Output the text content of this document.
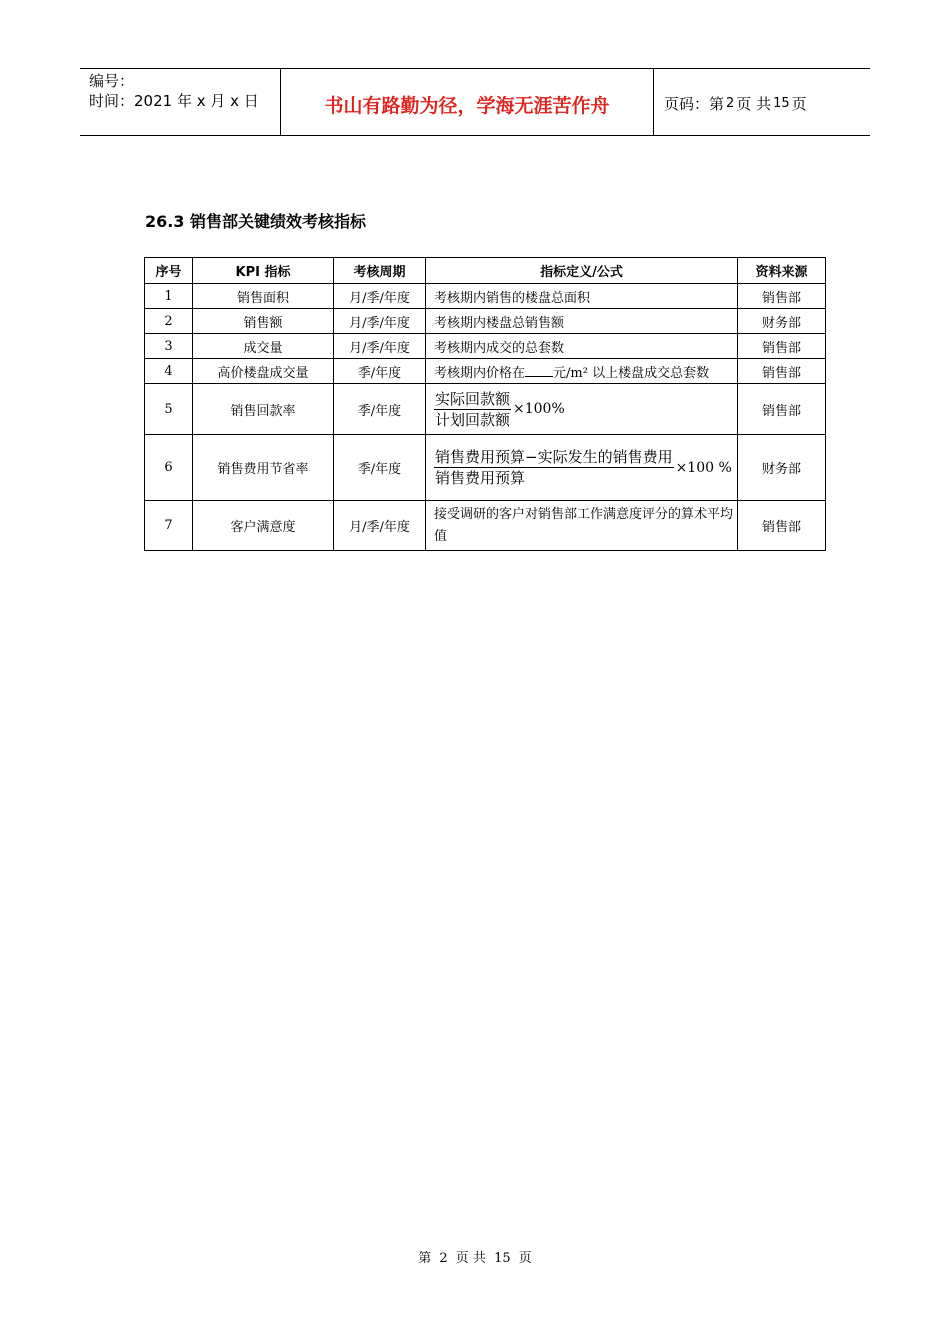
编号：
时间：2021 年 x 月 x 日	书山有路勤为径，学海无涯苦作舟	页码：第 2 页 共 15 页
26.3 销售部关键绩效考核指标
序号	KPI 指标	考核周期	指标定义/公式	资料来源
1	销售面积	月/季/年度	考核期内销售的楼盘总面积	销售部
2	销售额	月/季/年度	考核期内楼盘总销售额	财务部
3	成交量	月/季/年度	考核期内成交的总套数	销售部
4	高价楼盘成交量	季/年度	考核期内价格在 元/m² 以上楼盘成交总套数	销售部
5	销售回款率	季/年度	$\frac{\text{实际回款额}}{\text{计划回款额}} \times 100\%$	销售部
6	销售费用节省率	季/年度	$\frac{\text{销售费用预算−实际发生的销售费用}}{\text{销售费用预算}} \times 100$ %	财务部
7	客户满意度	月/季/年度	接受调研的客户对销售部工作满意度评分的算术平均值	销售部
第 2 页 共 15 页
